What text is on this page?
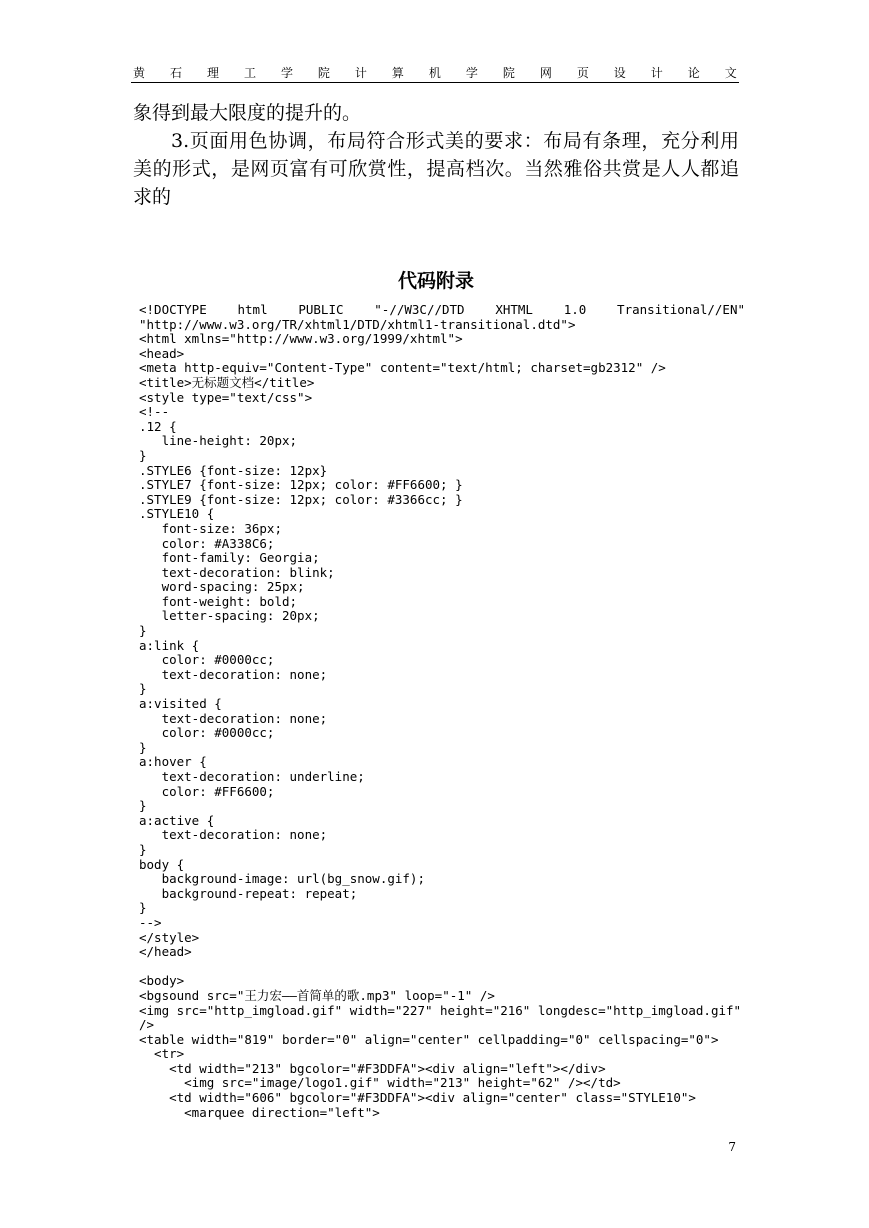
黄 石 理 工 学 院 计 算 机 学 院 网 页 设 计 论 文

象得到最大限度的提升的。

3.页面用色协调，布局符合形式美的要求：布局有条理，充分利用美的形式，是网页富有可欣赏性，提高档次。当然雅俗共赏是人人都追求的

代码附录
<!DOCTYPE html PUBLIC "-//W3C//DTD XHTML 1.0 Transitional//EN"
"http://www.w3.org/TR/xhtml1/DTD/xhtml1-transitional.dtd">
<html xmlns="http://www.w3.org/1999/xhtml">
<head>
<meta http-equiv="Content-Type" content="text/html; charset=gb2312" />
<title>无标题文档</title>
<style type="text/css">
<!--
.12 {
line-height: 20px;
}
.STYLE6 {font-size: 12px}
.STYLE7 {font-size: 12px; color: #FF6600; }
.STYLE9 {font-size: 12px; color: #3366cc; }
.STYLE10 {
font-size: 36px;
color: #A338C6;
font-family: Georgia;
text-decoration: blink;
word-spacing: 25px;
font-weight: bold;
letter-spacing: 20px;
}
a:link {
color: #0000cc;
text-decoration: none;
}
a:visited {
text-decoration: none;
color: #0000cc;
}
a:hover {
text-decoration: underline;
color: #FF6600;
}
a:active {
text-decoration: none;
}
body {
background-image: url(bg_snow.gif);
background-repeat: repeat;
}
-->
</style>
</head>
<body>
<bgsound src="王力宏——首简单的歌.mp3" loop="-1" />
<img src="http_imgload.gif" width="227" height="216" longdesc="http_imgload.gif"
/>
<table width="819" border="0" align="center" cellpadding="0" cellspacing="0">
<tr>
<td width="213" bgcolor="#F3DDFA"><div align="left"></div>
<img src="image/logo1.gif" width="213" height="62" /></td>
<td width="606" bgcolor="#F3DDFA"><div align="center" class="STYLE10">
<marquee direction="left">
7
